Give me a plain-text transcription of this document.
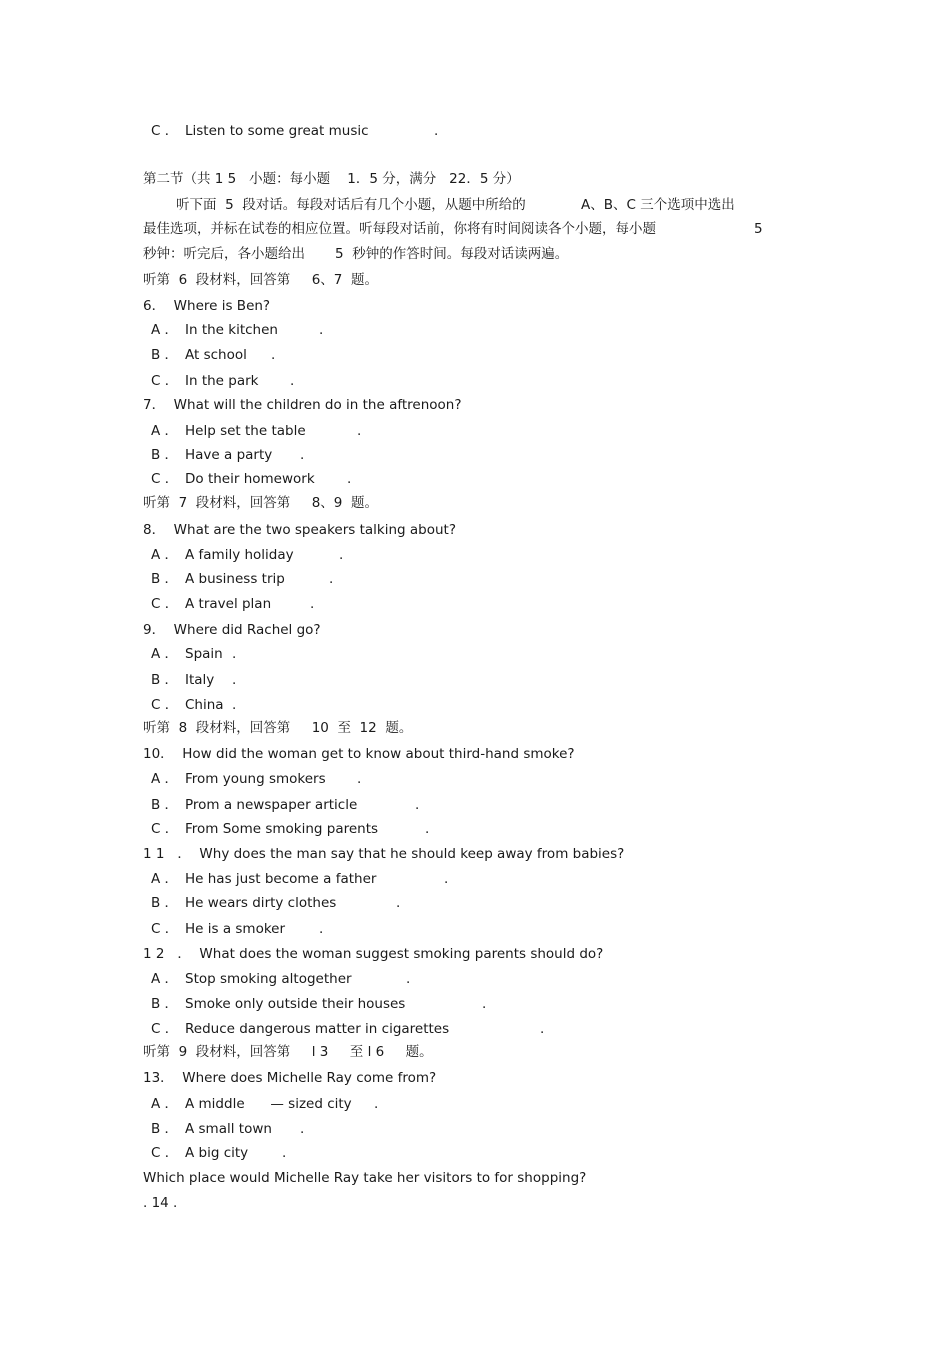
C ． Listen to some great music	.
第二节（共 1 5   小题：每小题    1．5 分，满分   22．5 分）
听下面  5  段对话。每段对话后有几个小题，从题中所给的	A、B、C 三个选项中选出
最佳选项，并标在试卷的相应位置。听每段对话前，你将有时间阅读各个小题，每小题	5
秒钟：听完后，各小题给出       5  秒钟的作答时间。每段对话读两遍。
听第  6  段材料，回答第     6、7  题。
6．  Where is Ben?
A ． In the kitchen	.
B ． At school .
C ． In the park .
7．  What will the children do in the aftrenoon?
A ． Help set the table	.
B ． Have a party .
C ． Do their homework .
听第  7  段材料，回答第     8、9  题。
8．  What are the two speakers talking about?
A ． A family holiday	.
B ． A business trip	.
C ． A travel plan	.
9．  Where did Rachel go?
A ． Spain .
B ． Italy .
C ． China .
听第  8  段材料，回答第     10  至  12  题。
10．  How did the woman get to know about third-hand smoke?
A ． From young smokers .
B ． Prom a newspaper article	.
C ． From Some smoking parents	.
1 1   ．  Why does the man say that he should keep away from babies?
A ． He has just become a father	.
B ． He wears dirty clothes	.
C ． He is a smoker	.
1 2   ．  What does the woman suggest smoking parents should do?
A ． Stop smoking altogether	.
B ． Smoke only outside their houses	.
C ． Reduce dangerous matter in cigarettes	.
听第  9  段材料，回答第     l 3     至 l 6     题。
13．  Where does Michelle Ray come from?
A ． A middle      — sized city .
B ． A small town .
C ． A big city	.
Which place would Michelle Ray take her visitors to for shopping?
. 14 .
